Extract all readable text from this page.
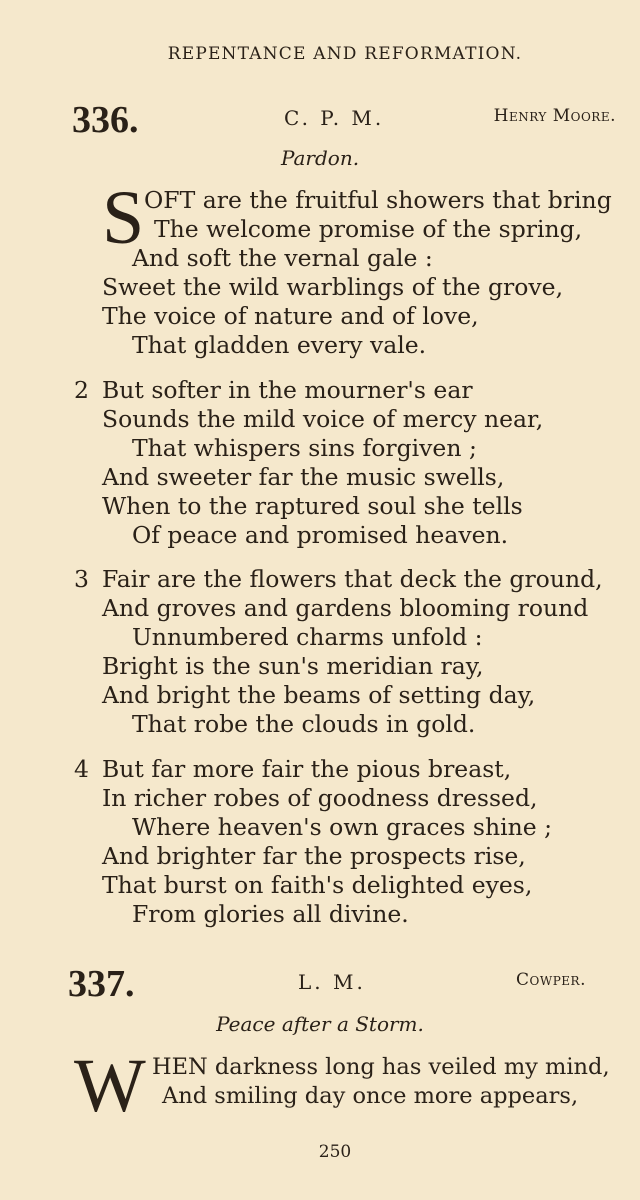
REPENTANCE AND REFORMATION.
336.	C. P. M.	Henry Moore.
Pardon.
S OFT are the fruitful showers that bring
The welcome promise of the spring,
And soft the vernal gale :
Sweet the wild warblings of the grove,
The voice of nature and of love,
That gladden every vale.
2 But softer in the mourner's ear
Sounds the mild voice of mercy near,
That whispers sins forgiven ;
And sweeter far the music swells,
When to the raptured soul she tells
Of peace and promised heaven.
3 Fair are the flowers that deck the ground,
And groves and gardens blooming round
Unnumbered charms unfold :
Bright is the sun's meridian ray,
And bright the beams of setting day,
That robe the clouds in gold.
4 But far more fair the pious breast,
In richer robes of goodness dressed,
Where heaven's own graces shine ;
And brighter far the prospects rise,
That burst on faith's delighted eyes,
From glories all divine.
337.	L. M.	Cowper.
Peace after a Storm.
W HEN darkness long has veiled my mind,
And smiling day once more appears,
250
